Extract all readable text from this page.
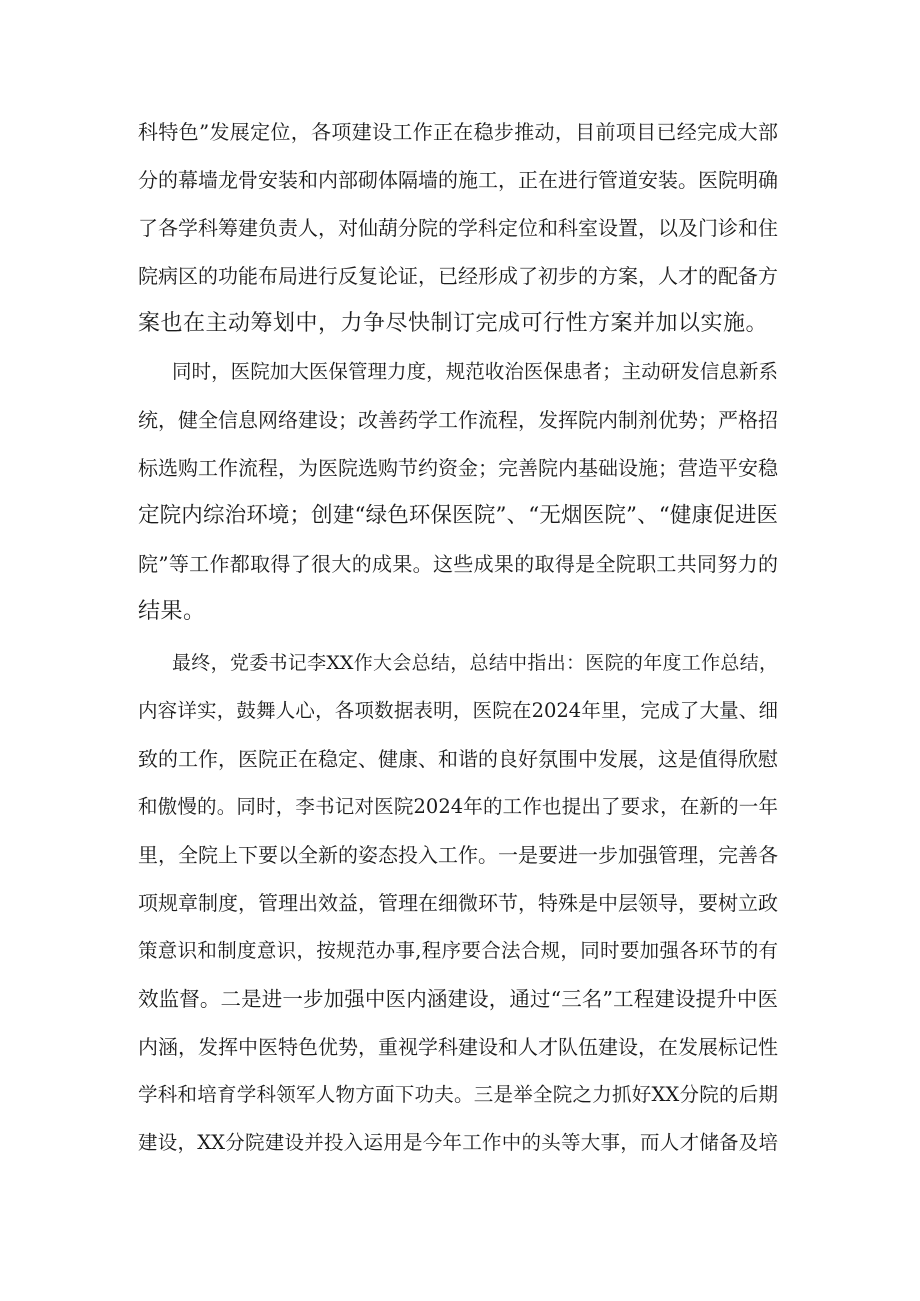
科特色”发展定位，各项建设工作正在稳步推动，目前项目已经完成大部
分的幕墙龙骨安装和内部砌体隔墙的施工，正在进行管道安装。医院明确
了各学科筹建负责人，对仙葫分院的学科定位和科室设置，以及门诊和住
院病区的功能布局进行反复论证，已经形成了初步的方案，人才的配备方
案也在主动筹划中，力争尽快制订完成可行性方案并加以实施。
同时，医院加大医保管理力度，规范收治医保患者；主动研发信息新系
统，健全信息网络建设；改善药学工作流程，发挥院内制剂优势；严格招
标选购工作流程，为医院选购节约资金；完善院内基础设施；营造平安稳
定院内综治环境；创建“绿色环保医院”、“无烟医院”、“健康促进医
院”等工作都取得了很大的成果。这些成果的取得是全院职工共同努力的
结果。
最终，党委书记李XX作大会总结，总结中指出：医院的年度工作总结，
内容详实，鼓舞人心，各项数据表明，医院在2024年里，完成了大量、细
致的工作，医院正在稳定、健康、和谐的良好氛围中发展，这是值得欣慰
和傲慢的。同时，李书记对医院2024年的工作也提出了要求，在新的一年
里，全院上下要以全新的姿态投入工作。一是要进一步加强管理，完善各
项规章制度，管理出效益，管理在细微环节，特殊是中层领导，要树立政
策意识和制度意识，按规范办事,程序要合法合规，同时要加强各环节的有
效监督。二是进一步加强中医内涵建设，通过“三名”工程建设提升中医
内涵，发挥中医特色优势，重视学科建设和人才队伍建设，在发展标记性
学科和培育学科领军人物方面下功夫。三是举全院之力抓好XX分院的后期
建设，XX分院建设并投入运用是今年工作中的头等大事，而人才储备及培
